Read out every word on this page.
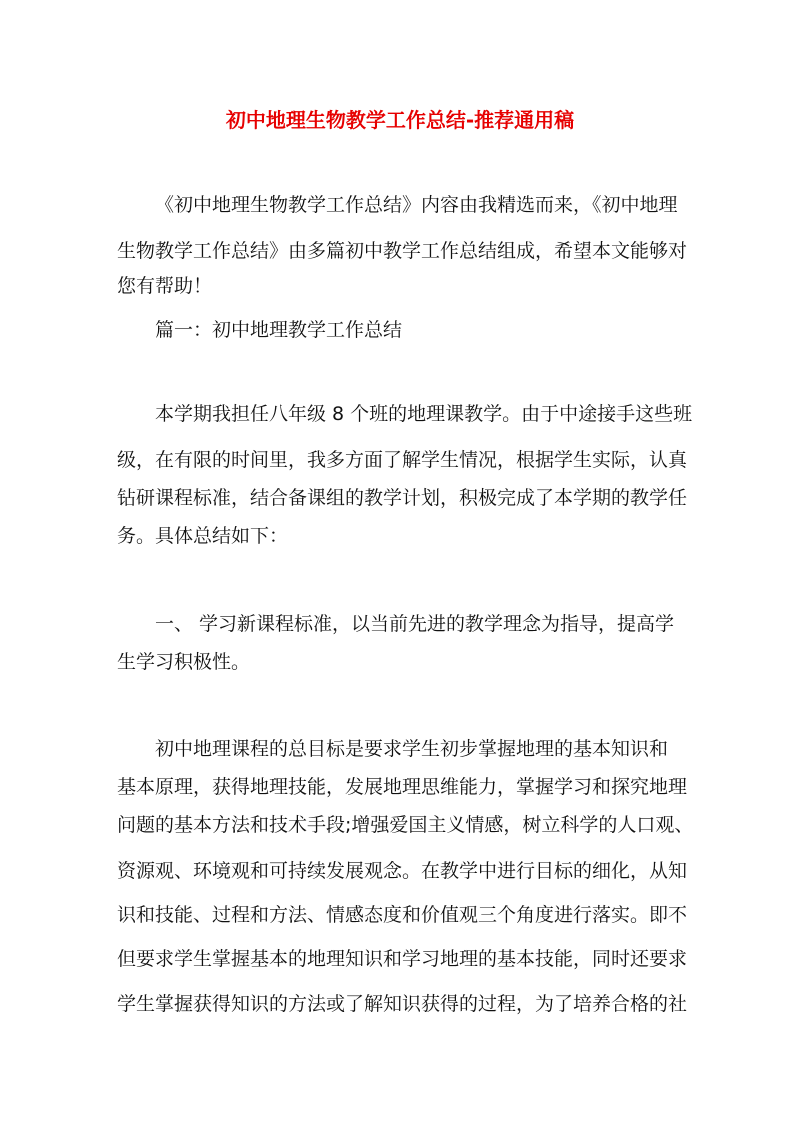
初中地理生物教学工作总结-推荐通用稿
《初中地理生物教学工作总结》内容由我精选而来，《初中地理
生物教学工作总结》由多篇初中教学工作总结组成，希望本文能够对
您有帮助！
篇一：初中地理教学工作总结
本学期我担任八年级 8 个班的地理课教学。由于中途接手这些班
级，在有限的时间里，我多方面了解学生情况，根据学生实际，认真
钻研课程标准，结合备课组的教学计划，积极完成了本学期的教学任
务。具体总结如下：
一、 学习新课程标准，以当前先进的教学理念为指导，提高学
生学习积极性。
初中地理课程的总目标是要求学生初步掌握地理的基本知识和
基本原理，获得地理技能，发展地理思维能力，掌握学习和探究地理
问题的基本方法和技术手段;增强爱国主义情感，树立科学的人口观、
资源观、环境观和可持续发展观念。在教学中进行目标的细化，从知
识和技能、过程和方法、情感态度和价值观三个角度进行落实。即不
但要求学生掌握基本的地理知识和学习地理的基本技能，同时还要求
学生掌握获得知识的方法或了解知识获得的过程，为了培养合格的社
